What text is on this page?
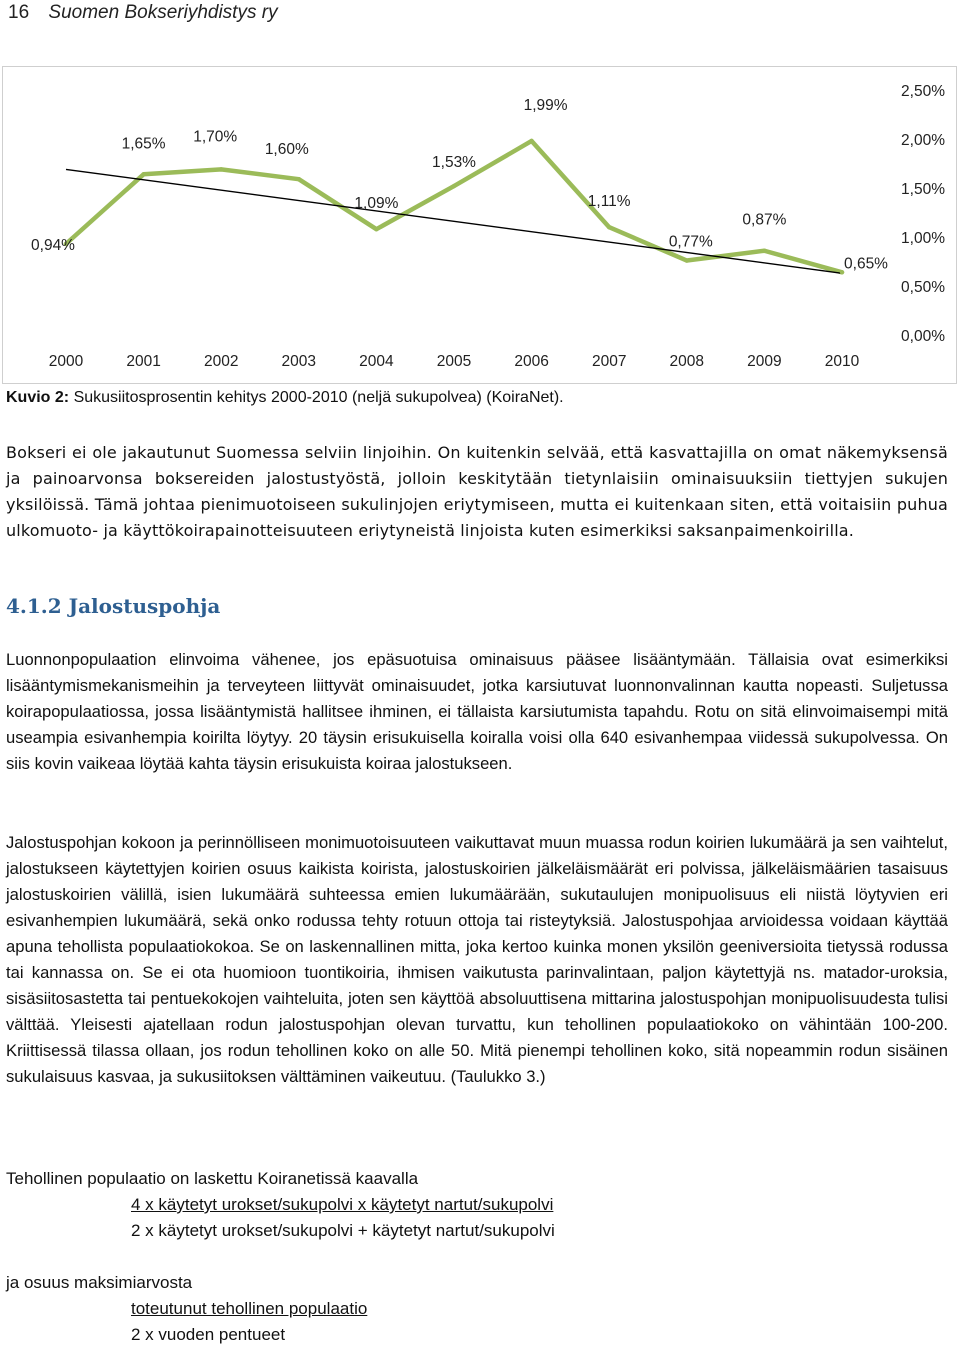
16 Suomen Bokseriyhdistys ry
0,94%
1,65% 1,70%
1,60%
1,09%
1,53%
1,99%
1,11%
0,77%
0,87%
0,65%
2000	2001	2002	2003	2004	2005	2006	2007	2008	2009	2010
0,00%
0,50%
1,00%
1,50%
2,00%
2,50%
Kuvio 2: Sukusiitosprosentin kehitys 2000-2010 (neljä sukupolvea) (KoiraNet).

Bokseri ei ole jakautunut Suomessa selviin linjoihin. On kuitenkin selvää, että kasvattajilla on omat näkemyksensä ja painoarvonsa boksereiden jalostustyöstä, jolloin keskitytään tietynlaisiin ominaisuuksiin tiettyjen sukujen yksilöissä. Tämä johtaa pienimuotoiseen sukulinjojen eriytymiseen, mutta ei kuitenkaan siten, että voitaisiin puhua ulkomuoto- ja käyttökoirapainotteisuuteen eriytyneistä linjoista kuten esimerkiksi saksanpaimenkoirilla.

4.1.2 Jalostuspohja

Luonnonpopulaation elinvoima vähenee, jos epäsuotuisa ominaisuus pääsee lisääntymään. Tällaisia ovat esimerkiksi lisääntymismekanismeihin ja terveyteen liittyvät ominaisuudet, jotka karsiutuvat luonnonvalinnan kautta nopeasti. Suljetussa koirapopulaatiossa, jossa lisääntymistä hallitsee ihminen, ei tällaista karsiutumista tapahdu. Rotu on sitä elinvoimaisempi mitä useampia esivanhempia koirilta löytyy. 20 täysin erisukuisella koiralla voisi olla 640 esivanhempaa viidessä sukupolvessa. On siis kovin vaikeaa löytää kahta täysin erisukuista koiraa jalostukseen.

Jalostuspohjan kokoon ja perinnölliseen monimuotoisuuteen vaikuttavat muun muassa rodun koirien lukumäärä ja sen vaihtelut, jalostukseen käytettyjen koirien osuus kaikista koirista, jalostuskoirien jälkeläismäärät eri polvissa, jälkeläismäärien tasaisuus jalostuskoirien välillä, isien lukumäärä suhteessa emien lukumäärään, sukutaulujen monipuolisuus eli niistä löytyvien eri esivanhempien lukumäärä, sekä onko rodussa tehty rotuun ottoja tai risteytyksiä. Jalostuspohjaa arvioidessa voidaan käyttää apuna tehollista populaatiokokoa. Se on laskennallinen mitta, joka kertoo kuinka monen yksilön geeniversioita tietyssä rodussa tai kannassa on. Se ei ota huomioon tuontikoiria, ihmisen vaikutusta parinvalintaan, paljon käytettyjä ns. matador-uroksia, sisäsiitosastetta tai pentuekokojen vaihteluita, joten sen käyttöä absoluuttisena mittarina jalostuspohjan monipuolisuudesta tulisi välttää. Yleisesti ajatellaan rodun jalostuspohjan olevan turvattu, kun tehollinen populaatiokoko on vähintään 100-200. Kriittisessä tilassa ollaan, jos rodun tehollinen koko on alle 50. Mitä pienempi tehollinen koko, sitä nopeammin rodun sisäinen sukulaisuus kasvaa, ja sukusiitoksen välttäminen vaikeutuu. (Taulukko 3.)

Tehollinen populaatio on laskettu Koiranetissä kaavalla
4 x käytetyt urokset/sukupolvi x käytetyt nartut/sukupolvi
2 x käytetyt urokset/sukupolvi + käytetyt nartut/sukupolvi
ja osuus maksimiarvosta
toteutunut tehollinen populaatio
2 x vuoden pentueet
